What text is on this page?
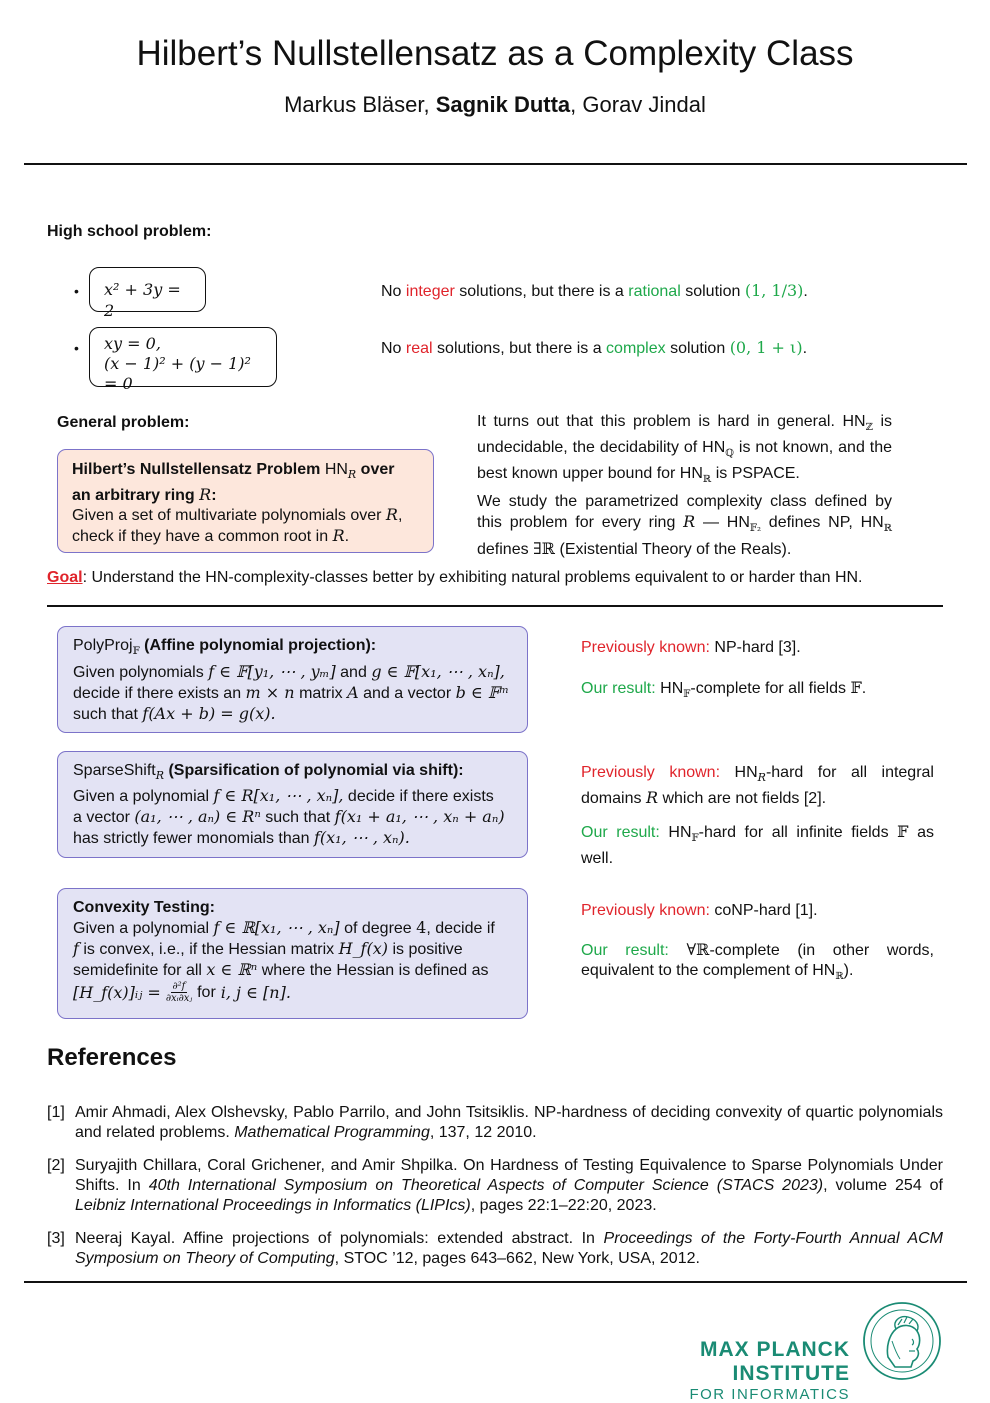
Hilbert’s Nullstellensatz as a Complexity Class
Markus Bläser, Sagnik Dutta, Gorav Jindal
High school problem:
•	x² + 3y = 2
No integer solutions, but there is a rational solution (1, 1/3).
• xy = 0,
(x − 1)² + (y − 1)² = 0
No real solutions, but there is a complex solution (0, 1 + ι).
General problem:
Hilbert’s Nullstellensatz Problem $HN_R$ over
an arbitrary ring R:
Given a set of multivariate polynomials over R,
check if they have a common root in R.
It turns out that this problem is hard in general. $HN_ℤ$ is undecidable, the decidability of $HN_ℚ$ is not known, and the best known upper bound for $HN_ℝ$ is PSPACE.
We study the parametrized complexity class defined by this problem for every ring R — $HN_{𝔽_2}$ defines NP, $HN_ℝ$ defines ∃ℝ (Existential Theory of the Reals).
Goal: Understand the HN-complexity-classes better by exhibiting natural problems equivalent to or harder than HN.
PolyProj$_𝔽$ (Affine polynomial projection):
Given polynomials f ∈ 𝔽[y₁, ⋯ , yₘ] and g ∈ 𝔽[x₁, ⋯ , xₙ],
decide if there exists an m × n matrix A and a vector b ∈ 𝔽ᵐ
such that f(Ax + b) = g(x).
Previously known: NP-hard [3].
Our result: $HN_𝔽$-complete for all fields 𝔽.
SparseShift$_R$ (Sparsification of polynomial via shift):
Given a polynomial f ∈ R[x₁, ⋯ , xₙ], decide if there exists
a vector (a₁, ⋯ , aₙ) ∈ Rⁿ such that f(x₁ + a₁, ⋯ , xₙ + aₙ)
has strictly fewer monomials than f(x₁, ⋯ , xₙ).
Previously known: $HN_R$-hard for all integral domains R which are not fields [2].
Our result: $HN_𝔽$-hard for all infinite fields 𝔽 as well.
Convexity Testing:
Given a polynomial f ∈ ℝ[x₁, ⋯ , xₙ] of degree 4, decide if
f is convex, i.e., if the Hessian matrix H_f(x) is positive
semidefinite for all x ∈ ℝⁿ where the Hessian is defined as
[H_f(x)]ᵢⱼ = $\frac{\text{∂²f}}{\text{∂xᵢ∂xⱼ}}$ for i, j ∈ [n].
Previously known: coNP-hard [1].
Our result: ∀ℝ-complete (in other words, equivalent to the complement of $HN_ℝ$).
References
[1] Amir Ahmadi, Alex Olshevsky, Pablo Parrilo, and John Tsitsiklis. NP-hardness of deciding convexity of quartic polynomials and related problems. Mathematical Programming, 137, 12 2010.
[2] Suryajith Chillara, Coral Grichener, and Amir Shpilka. On Hardness of Testing Equivalence to Sparse Polynomials Under Shifts. In 40th International Symposium on Theoretical Aspects of Computer Science (STACS 2023), volume 254 of Leibniz International Proceedings in Informatics (LIPIcs), pages 22:1–22:20, 2023.
[3] Neeraj Kayal. Affine projections of polynomials: extended abstract. In Proceedings of the Forty-Fourth Annual ACM Symposium on Theory of Computing, STOC ’12, pages 643–662, New York, USA, 2012.
MAX PLANCK INSTITUTE
FOR INFORMATICS
